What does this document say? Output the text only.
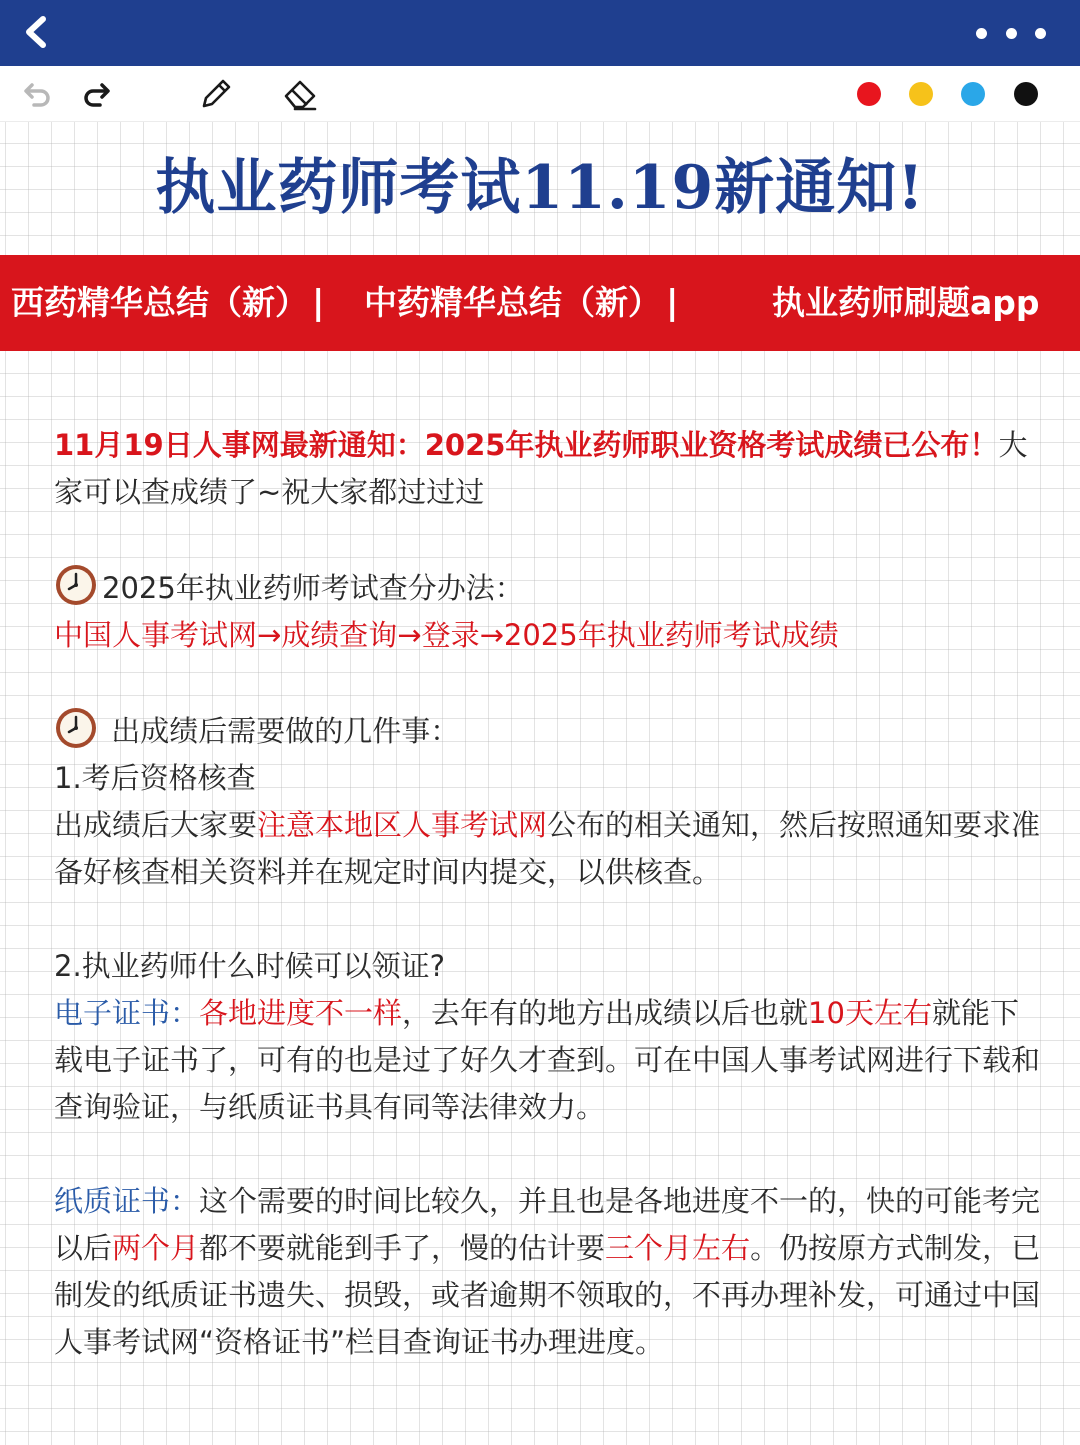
执业药师考试11.19新通知!
西药精华总结（新） | 中药精华总结（新） |	执业药师刷题app

11月19日人事网最新通知：2025年执业药师职业资格考试成绩已公布！大家可以查成绩了~祝大家都过过过

2025年执业药师考试查分办法：

中国人事考试网→成绩查询→登录→2025年执业药师考试成绩

出成绩后需要做的几件事：

1.考后资格核查

出成绩后大家要注意本地区人事考试网公布的相关通知，然后按照通知要求准备好核查相关资料并在规定时间内提交，以供核查。

2.执业药师什么时候可以领证?

电子证书：各地进度不一样，去年有的地方出成绩以后也就10天左右就能下载电子证书了，可有的也是过了好久才查到。可在中国人事考试网进行下载和查询验证，与纸质证书具有同等法律效力。

纸质证书：这个需要的时间比较久，并且也是各地进度不一的，快的可能考完以后两个月都不要就能到手了，慢的估计要三个月左右。仍按原方式制发，已制发的纸质证书遗失、损毁，或者逾期不领取的，不再办理补发，可通过中国人事考试网“资格证书”栏目查询证书办理进度。
